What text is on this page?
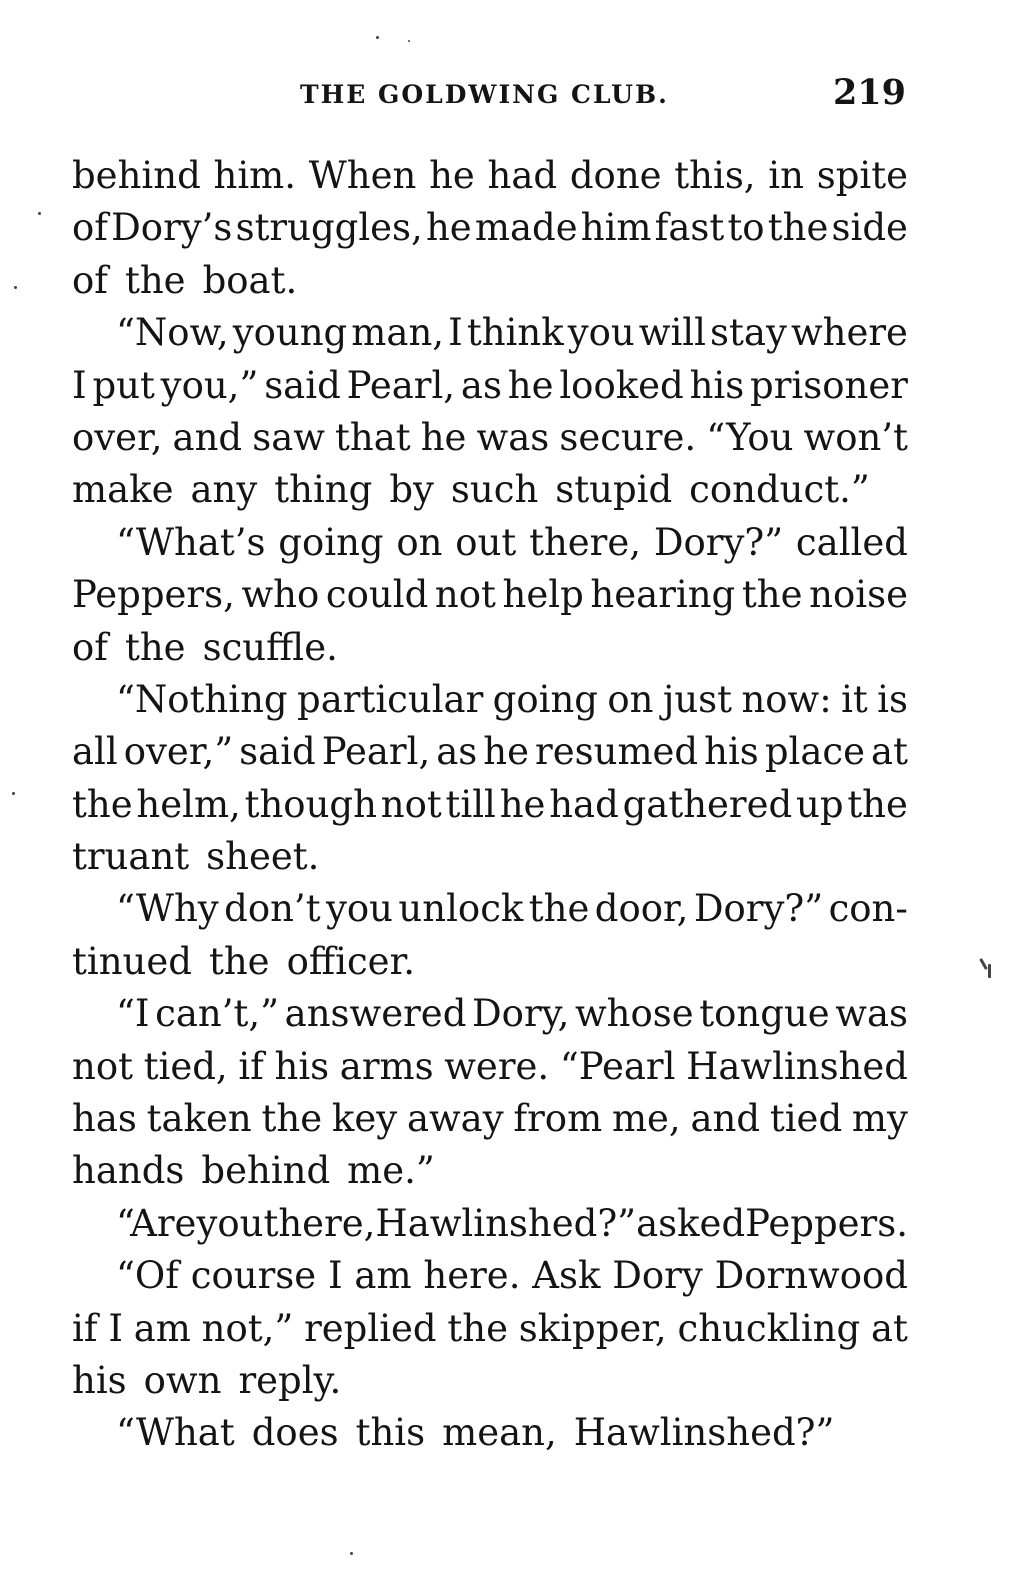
THE GOLDWING CLUB.	219
behind him. When he had done this, in spite
of Dory’s struggles, he made him fast to the side
of the boat.
“Now, young man, I think you will stay where
I put you,” said Pearl, as he looked his prisoner
over, and saw that he was secure. “You won’t
make any thing by such stupid conduct.”
“What’s going on out there, Dory?” called
Peppers, who could not help hearing the noise
of the scuffle.
“Nothing particular going on just now: it is
all over,” said Pearl, as he resumed his place at
the helm, though not till he had gathered up the
truant sheet.
“Why don’t you unlock the door, Dory?” con-
tinued the officer.
“I can’t,” answered Dory, whose tongue was
not tied, if his arms were. “Pearl Hawlinshed
has taken the key away from me, and tied my
hands behind me.”
“Are you there, Hawlinshed?” asked Peppers.
“Of course I am here. Ask Dory Dornwood
if I am not,” replied the skipper, chuckling at
his own reply.
“What does this mean, Hawlinshed?”
